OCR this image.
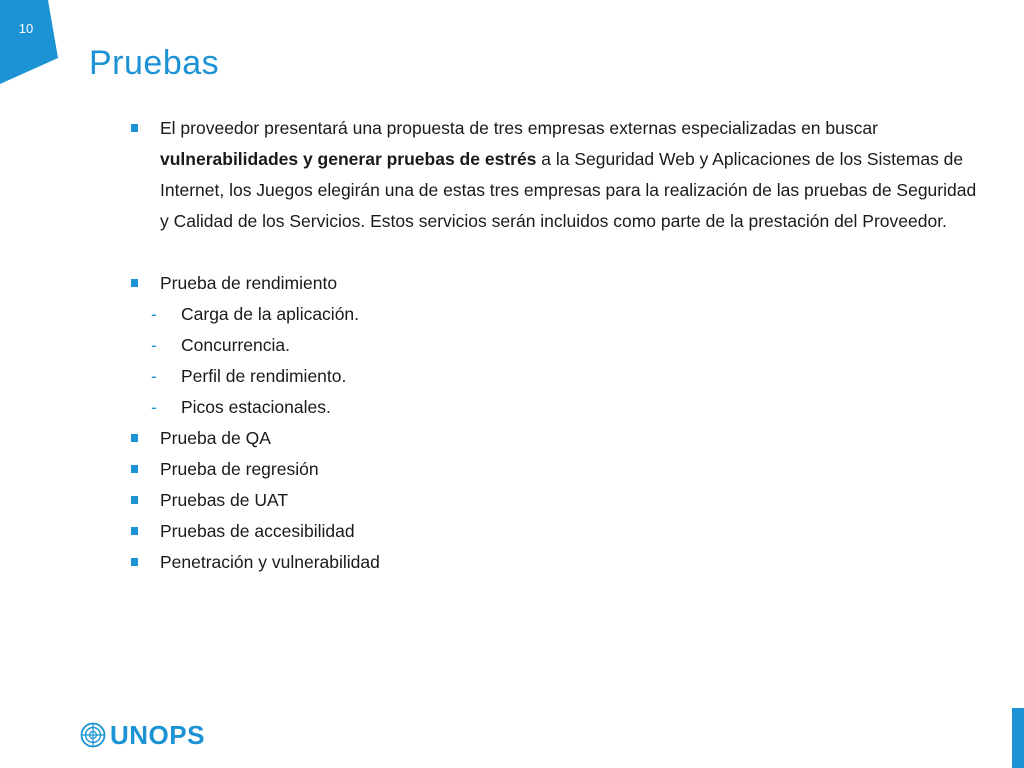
10
Pruebas
El proveedor presentará una propuesta de tres empresas externas especializadas en buscar vulnerabilidades y generar pruebas de estrés a la Seguridad Web y Aplicaciones de los Sistemas de Internet, los Juegos elegirán una de estas tres empresas para la realización de las pruebas de Seguridad y Calidad de los Servicios. Estos servicios serán incluidos como parte de la prestación del Proveedor.
Prueba de rendimiento
- Carga de la aplicación.
- Concurrencia.
- Perfil de rendimiento.
- Picos estacionales.
Prueba de QA
Prueba de regresión
Pruebas de UAT
Pruebas de accesibilidad
Penetración y vulnerabilidad
UNOPS
